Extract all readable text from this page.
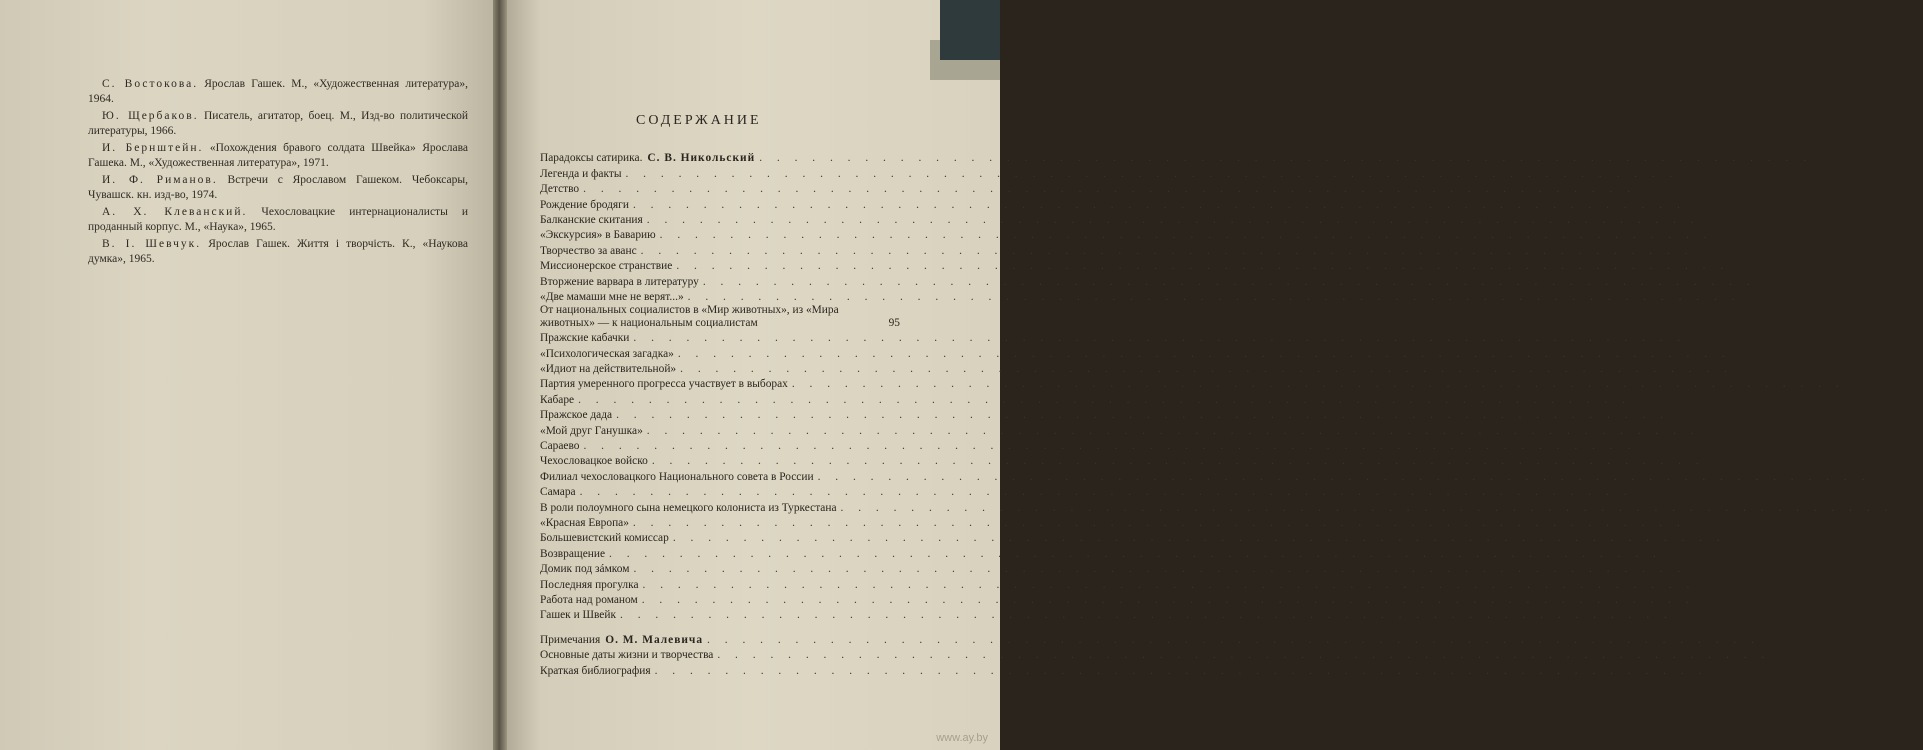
С. Востокова. Ярослав Гашек. М., «Художественная литература», 1964.

Ю. Щербаков. Писатель, агитатор, боец. М., Изд-во политической литературы, 1966.

И. Бернштейн. «Похождения бравого солдата Швейка» Ярослава Гашека. М., «Художественная литература», 1971.

И. Ф. Риманов. Встречи с Ярославом Гашеком. Чебоксары, Чувашск. кн. изд-во, 1974.

А. Х. Клеванский. Чехословацкие интернационалисты и проданный корпус. М., «Наука», 1965.

В. І. Шевчук. Ярослав Гашек. Життя і творчість. К., «Наукова думка», 1965.

СОДЕРЖАНИЕ
Парадоксы сатирика. С. В. Никольский . . . . . . . . . . . . . . . . . . . . . . . . . . . . . . . . . . . . . . . . . . . . . . . . . . . . . . . . . . . .	5
Легенда и факты . . . . . . . . . . . . . . . . . . . . . . . . . . . . . . . . . . . . . . . . . . . . . . . . . . . . . . . . . . . .	21
Детство . . . . . . . . . . . . . . . . . . . . . . . . . . . . . . . . . . . . . . . . . . . . . . . . . . . . . . . . . . . .	22
Рождение бродяги . . . . . . . . . . . . . . . . . . . . . . . . . . . . . . . . . . . . . . . . . . . . . . . . . . . . . . . . . . . .	29
Балканские скитания . . . . . . . . . . . . . . . . . . . . . . . . . . . . . . . . . . . . . . . . . . . . . . . . . . . . . . . . . . . .	36
«Экскурсия» в Баварию . . . . . . . . . . . . . . . . . . . . . . . . . . . . . . . . . . . . . . . . . . . . . . . . . . . . . . . . . . . .	45
Творчество за аванс . . . . . . . . . . . . . . . . . . . . . . . . . . . . . . . . . . . . . . . . . . . . . . . . . . . . . . . . . . . .	52
Миссионерское странствие . . . . . . . . . . . . . . . . . . . . . . . . . . . . . . . . . . . . . . . . . . . . . . . . . . . . . . . . . . . .	59
Вторжение варвара в литературу . . . . . . . . . . . . . . . . . . . . . . . . . . . . . . . . . . . . . . . . . . . . . . . . . . . . . . . . . . . .	67
«Две мамаши мне не верят...» . . . . . . . . . . . . . . . . . . . . . . . . . . . . . . . . . . . . . . . . . . . . . . . . . . . . . . . . . . . .	79
От национальных социалистов в «Мир животных», из «Мира животных» — к национальным социалистам	95
Пражские кабачки . . . . . . . . . . . . . . . . . . . . . . . . . . . . . . . . . . . . . . . . . . . . . . . . . . . . . . . . . . . .	107
«Психологическая загадка» . . . . . . . . . . . . . . . . . . . . . . . . . . . . . . . . . . . . . . . . . . . . . . . . . . . . . . . . . . . .	115
«Идиот на действительной» . . . . . . . . . . . . . . . . . . . . . . . . . . . . . . . . . . . . . . . . . . . . . . . . . . . . . . . . . . . .	128
Партия умеренного прогресса участвует в выборах . . . . . . . . . . . . . . . . . . . . . . . . . . . . . . . . . . . . . . . . . . . . . . . . . . . . . . . . . . . .	136
Кабаре . . . . . . . . . . . . . . . . . . . . . . . . . . . . . . . . . . . . . . . . . . . . . . . . . . . . . . . . . . . .	145
Пражское дада . . . . . . . . . . . . . . . . . . . . . . . . . . . . . . . . . . . . . . . . . . . . . . . . . . . . . . . . . . . .	150
«Мой друг Ганушка» . . . . . . . . . . . . . . . . . . . . . . . . . . . . . . . . . . . . . . . . . . . . . . . . . . . . . . . . . . . .	162
Сараево . . . . . . . . . . . . . . . . . . . . . . . . . . . . . . . . . . . . . . . . . . . . . . . . . . . . . . . . . . . .	169
Чехословацкое войско . . . . . . . . . . . . . . . . . . . . . . . . . . . . . . . . . . . . . . . . . . . . . . . . . . . . . . . . . . . .	182
Филиал чехословацкого Национального совета в России . . . . . . . . . . . . . . . . . . . . . . . . . . . . . . . . . . . . . . . . . . . . . . . . . . . . . . . . . . . .	193
Самара . . . . . . . . . . . . . . . . . . . . . . . . . . . . . . . . . . . . . . . . . . . . . . . . . . . . . . . . . . . .	203
В роли полоумного сына немецкого колониста из Туркестана . . . . . . . . . . . . . . . . . . . . . . . . . . . . . . . . . . . . . . . . . . . . . . . . . . . . . . . . . . . .	212
«Красная Европа» . . . . . . . . . . . . . . . . . . . . . . . . . . . . . . . . . . . . . . . . . . . . . . . . . . . . . . . . . . . .	217
Большевистский комиссар . . . . . . . . . . . . . . . . . . . . . . . . . . . . . . . . . . . . . . . . . . . . . . . . . . . . . . . . . . . .	225
Возвращение . . . . . . . . . . . . . . . . . . . . . . . . . . . . . . . . . . . . . . . . . . . . . . . . . . . . . . . . . . . .	233
Домик под зáмком . . . . . . . . . . . . . . . . . . . . . . . . . . . . . . . . . . . . . . . . . . . . . . . . . . . . . . . . . . . .	248
Последняя прогулка . . . . . . . . . . . . . . . . . . . . . . . . . . . . . . . . . . . . . . . . . . . . . . . . . . . . . . . . . . . .	265
Работа над романом . . . . . . . . . . . . . . . . . . . . . . . . . . . . . . . . . . . . . . . . . . . . . . . . . . . . . . . . . . . .	276
Гашек и Швейк . . . . . . . . . . . . . . . . . . . . . . . . . . . . . . . . . . . . . . . . . . . . . . . . . . . . . . . . . . . .	282
Примечания О. М. Малевича . . . . . . . . . . . . . . . . . . . . . . . . . . . . . . . . . . . . . . . . . . . . . . . . . . . . . . . . . . . .	288
Основные даты жизни и творчества . . . . . . . . . . . . . . . . . . . . . . . . . . . . . . . . . . . . . . . . . . . . . . . . . . . . . . . . . . . .	298
Краткая библиография . . . . . . . . . . . . . . . . . . . . . . . . . . . . . . . . . . . . . . . . . . . . . . . . . . . . . . . . . . . .	301
www.ay.by
